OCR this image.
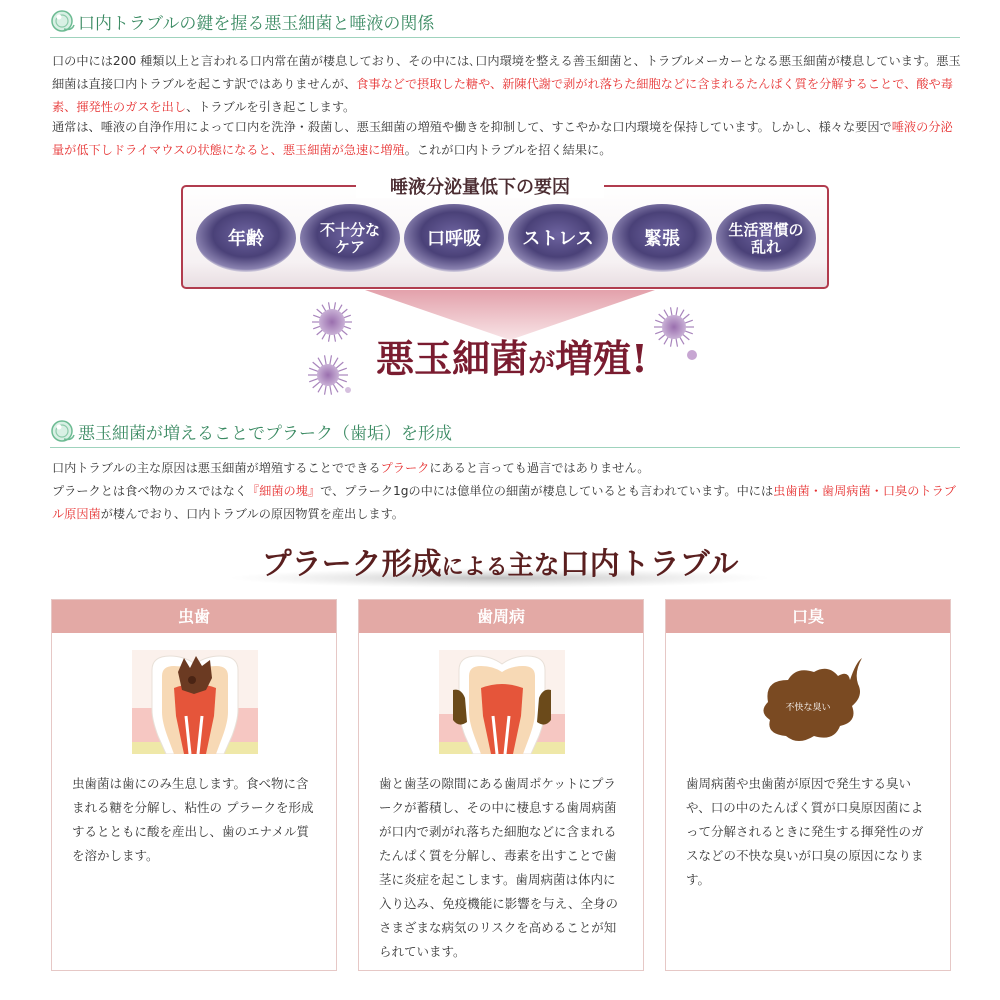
口内トラブルの鍵を握る悪玉細菌と唾液の関係

口の中には200 種類以上と言われる口内常在菌が棲息しており、その中には､口内環境を整える善玉細菌と、トラブルメーカーとなる悪玉細菌が棲息しています。悪玉細菌は直接口内トラブルを起こす訳ではありませんが、食事などで摂取した糖や、新陳代謝で剥がれ落ちた細胞などに含まれるたんぱく質を分解することで、酸や毒素、揮発性のガスを出し、トラブルを引き起こします。

通常は、唾液の自浄作用によって口内を洗浄・殺菌し、悪玉細菌の増殖や働きを抑制して、すこやかな口内環境を保持しています。しかし、様々な要因で唾液の分泌量が低下しドライマウスの状態になると、悪玉細菌が急速に増殖。これが口内トラブルを招く結果に。

唾液分泌量低下の要因
年齢	不十分なケア	口呼吸 ストレス	緊張	生活習慣の乱れ
悪玉細菌が増殖!
悪玉細菌が増えることでプラーク（歯垢）を形成

口内トラブルの主な原因は悪玉細菌が増殖することでできるプラークにあると言っても過言ではありません。

プラークとは食べ物のカスではなく『細菌の塊』で、プラーク1gの中には億単位の細菌が棲息しているとも言われています。中には虫歯菌・歯周病菌・口臭のトラブル原因菌が棲んでおり、口内トラブルの原因物質を産出します。

プラーク形成による主な口内トラブル
虫歯

虫歯菌は歯にのみ生息します。食べ物に含まれる糖を分解し、粘性の プラークを形成するとともに酸を産出し、歯のエナメル質を溶かします。

歯周病

歯と歯茎の隙間にある歯周ポケットにプラークが蓄積し、その中に棲息する歯周病菌が口内で剥がれ落ちた細胞などに含まれるたんぱく質を分解し、毒素を出すことで歯茎に炎症を起こします。歯周病菌は体内に入り込み、免疫機能に影響を与え、全身のさまざまな病気のリスクを高めることが知られています。

口臭
不快な臭い

歯周病菌や虫歯菌が原因で発生する臭いや、口の中のたんぱく質が口臭原因菌によって分解されるときに発生する揮発性のガスなどの不快な臭いが口臭の原因になります。
